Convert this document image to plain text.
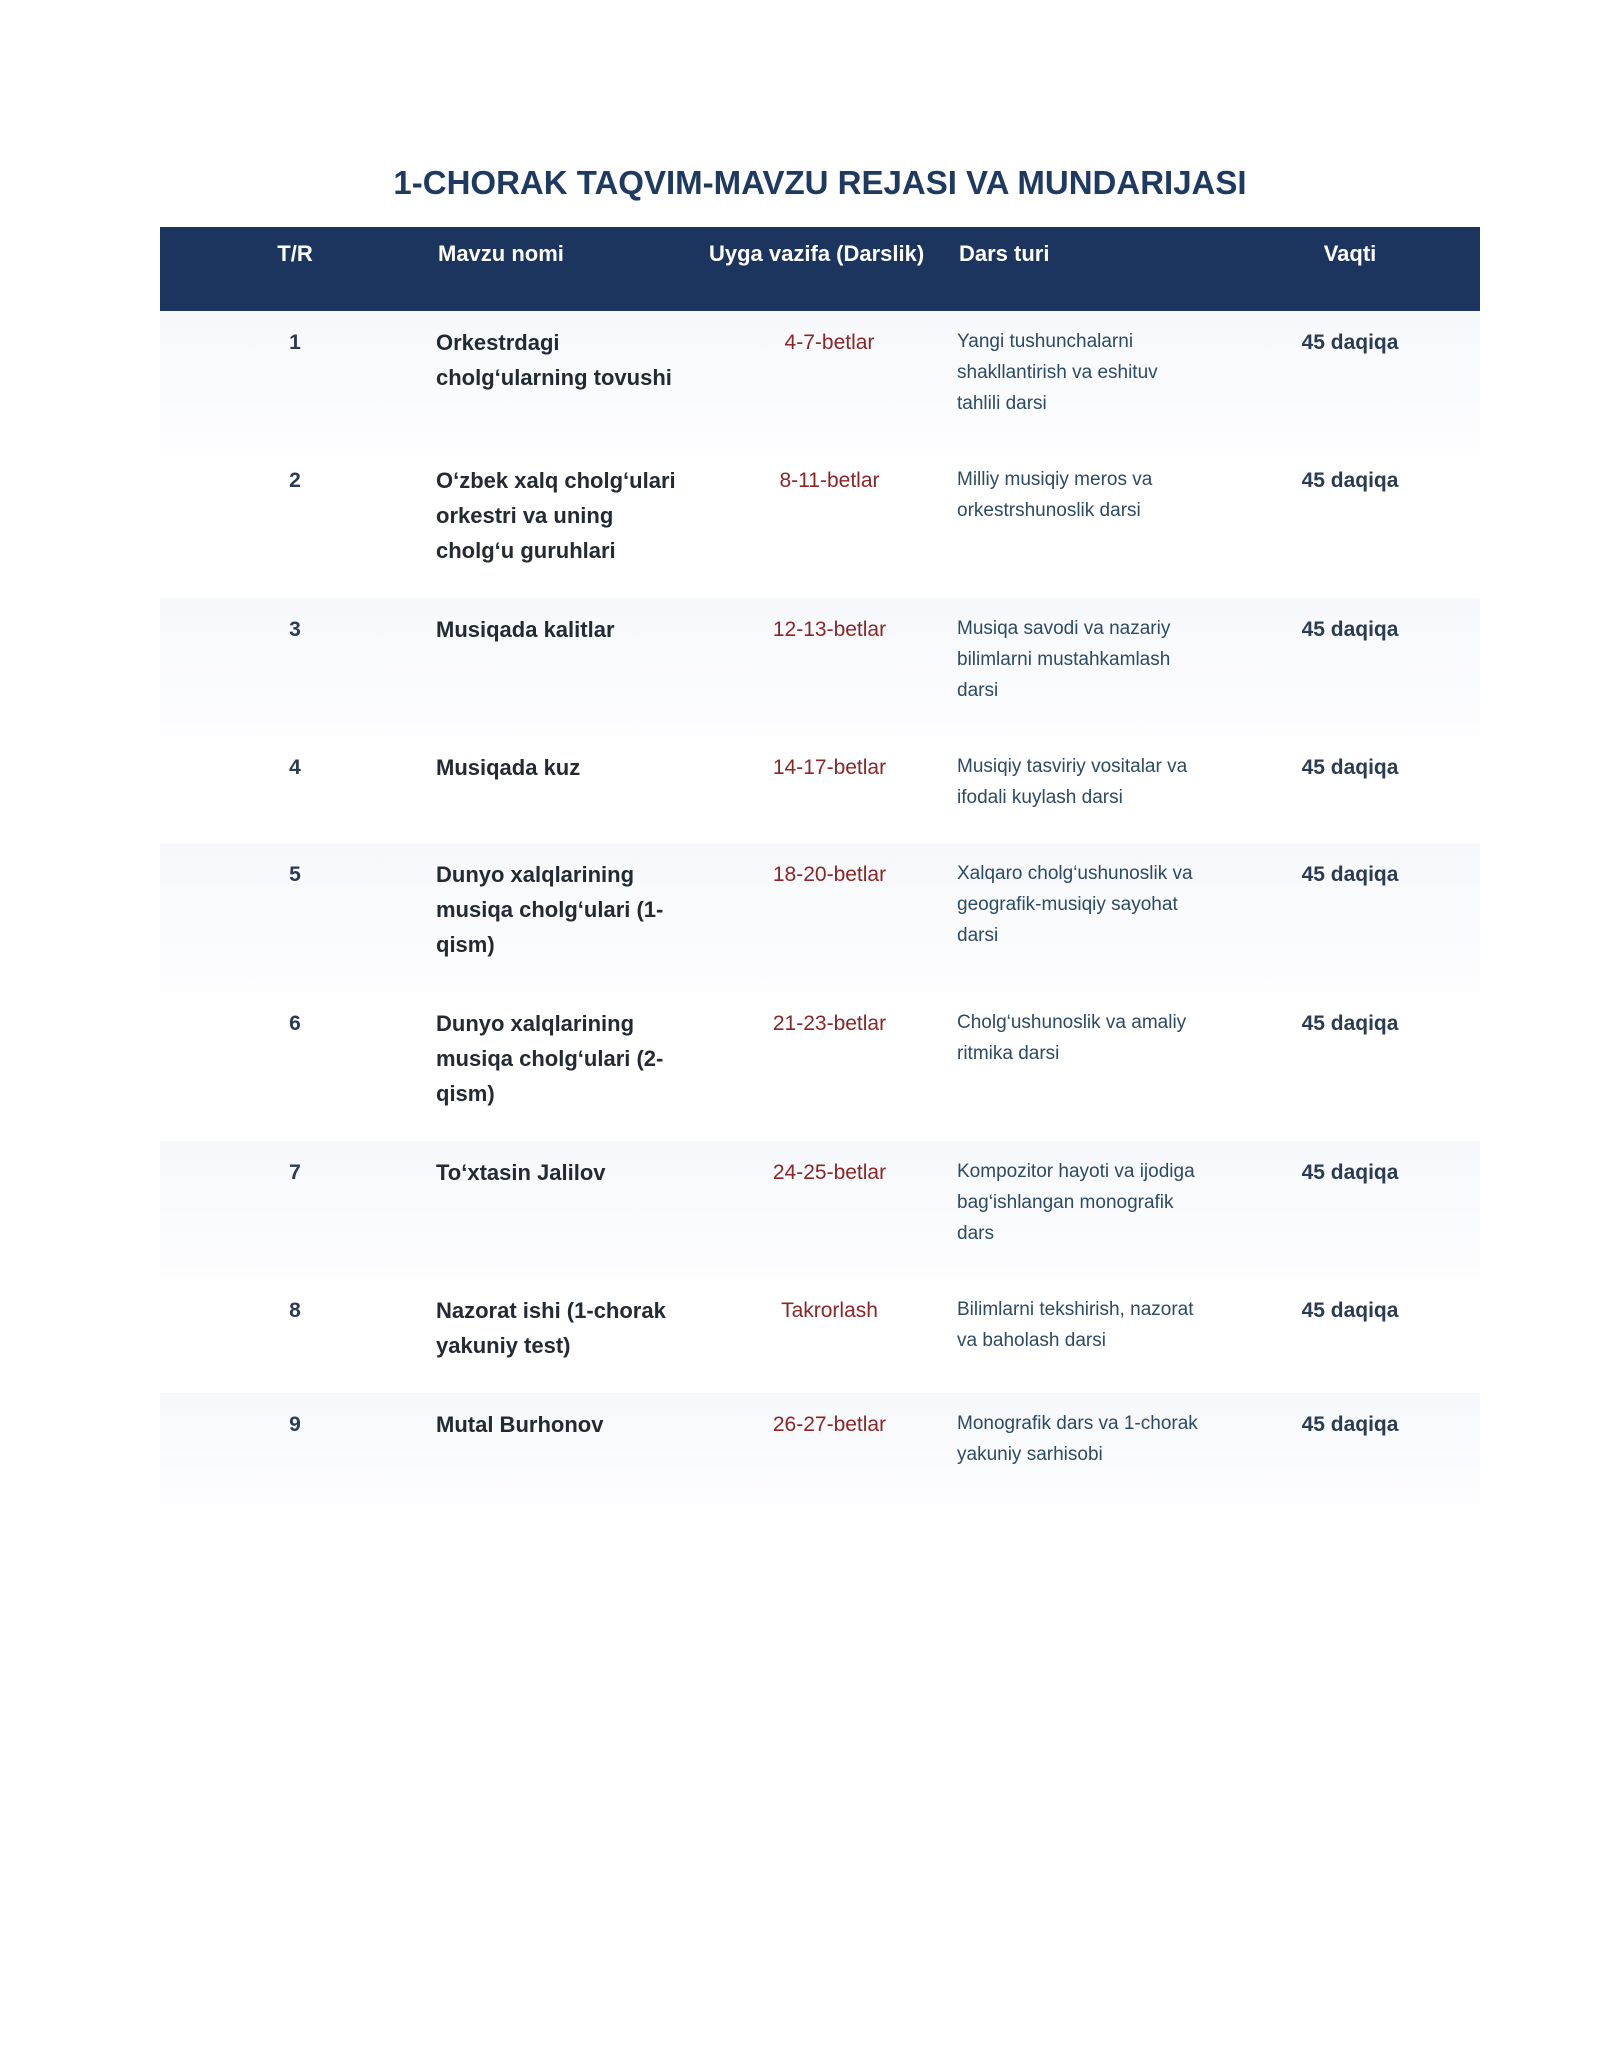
1-CHORAK TAQVIM-MAVZU REJASI VA MUNDARIJASI
T/R	Mavzu nomi	Uyga vazifa (Darslik)	Dars turi	Vaqti
1	Orkestrdagi cholg‘ularning tovushi	4-7-betlar	Yangi tushunchalarni shakllantirish va eshituv tahlili darsi	45 daqiqa
2	O‘zbek xalq cholg‘ulari orkestri va uning cholg‘u guruhlari	8-11-betlar	Milliy musiqiy meros va orkestrshunoslik darsi	45 daqiqa
3	Musiqada kalitlar	12-13-betlar	Musiqa savodi va nazariy bilimlarni mustahkamlash darsi	45 daqiqa
4	Musiqada kuz	14-17-betlar	Musiqiy tasviriy vositalar va ifodali kuylash darsi	45 daqiqa
5	Dunyo xalqlarining musiqa cholg‘ulari (1-qism)	18-20-betlar	Xalqaro cholg‘ushunoslik va geografik-musiqiy sayohat darsi	45 daqiqa
6	Dunyo xalqlarining musiqa cholg‘ulari (2-qism)	21-23-betlar	Cholg‘ushunoslik va amaliy ritmika darsi	45 daqiqa
7	To‘xtasin Jalilov	24-25-betlar	Kompozitor hayoti va ijodiga bag‘ishlangan monografik dars	45 daqiqa
8	Nazorat ishi (1-chorak yakuniy test)	Takrorlash	Bilimlarni tekshirish, nazorat va baholash darsi	45 daqiqa
9	Mutal Burhonov	26-27-betlar	Monografik dars va 1-chorak yakuniy sarhisobi	45 daqiqa
